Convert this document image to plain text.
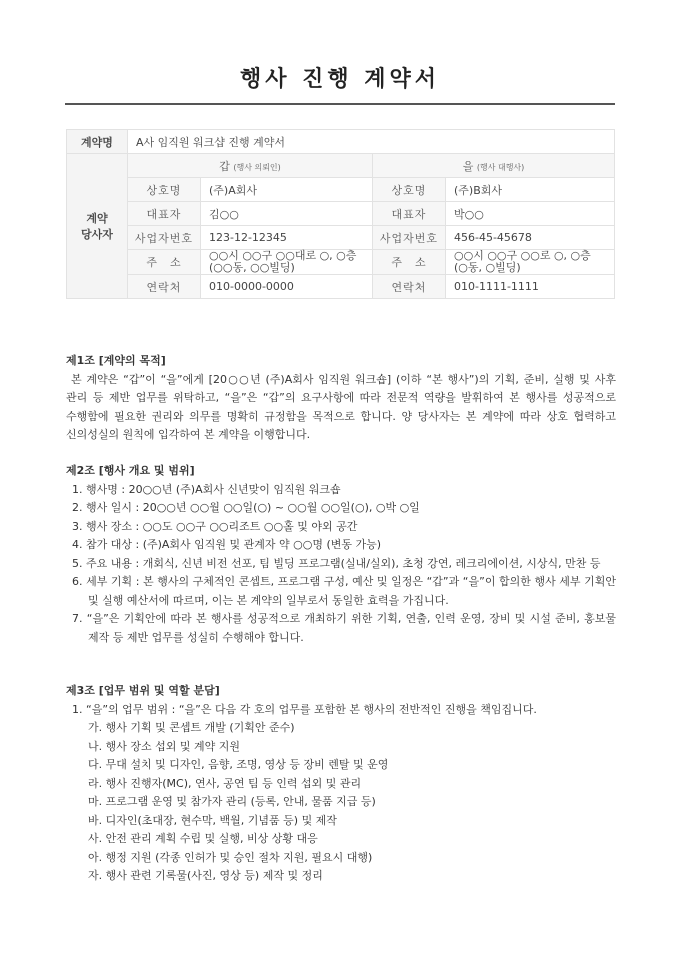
행사 진행 계약서
계약명	A사 임직원 워크샵 진행 계약서			

계약
당사자	갑 (행사 의뢰인)		을 (행사 대행사)	
	상호명	(주)A회사	상호명	(주)B회사
	대표자	김○○	대표자	박○○
	사업자번호	123-12-12345	사업자번호	456-45-45678
	주　소	○○시 ○○구 ○○대로 ○, ○층 (○○동, ○○빌딩)	주　소	○○시 ○○구 ○○로 ○, ○층 (○동, ○빌딩)
	연락처	010-0000-0000	연락처	010-1111-1111
제1조 [계약의 목적]
본 계약은 “갑”이 “을”에게 [20○○년 (주)A회사 임직원 워크숍] (이하 “본 행사”)의 기획, 준비, 실행 및 사후 관리 등 제반 업무를 위탁하고, “을”은 “갑”의 요구사항에 따라 전문적 역량을 발휘하여 본 행사를 성공적으로 수행함에 필요한 권리와 의무를 명확히 규정함을 목적으로 합니다. 양 당사자는 본 계약에 따라 상호 협력하고 신의성실의 원칙에 입각하여 본 계약을 이행합니다.
제2조 [행사 개요 및 범위]
1. 행사명 : 20○○년 (주)A회사 신년맞이 임직원 워크숍
2. 행사 일시 : 20○○년 ○○월 ○○일(○) ~ ○○월 ○○일(○), ○박 ○일
3. 행사 장소 : ○○도 ○○구 ○○리조트 ○○홀 및 야외 공간
4. 참가 대상 : (주)A회사 임직원 및 관계자 약 ○○명 (변동 가능)
5. 주요 내용 : 개회식, 신년 비전 선포, 팀 빌딩 프로그램(실내/실외), 초청 강연, 레크리에이션, 시상식, 만찬 등
6. 세부 기획 : 본 행사의 구체적인 콘셉트, 프로그램 구성, 예산 및 일정은 “갑”과 “을”이 합의한 행사 세부 기획안 및 실행 예산서에 따르며, 이는 본 계약의 일부로서 동일한 효력을 가집니다.
7. “을”은 기획안에 따라 본 행사를 성공적으로 개최하기 위한 기획, 연출, 인력 운영, 장비 및 시설 준비, 홍보물 제작 등 제반 업무를 성실히 수행해야 합니다.
제3조 [업무 범위 및 역할 분담]
1. “을”의 업무 범위 : “을”은 다음 각 호의 업무를 포함한 본 행사의 전반적인 진행을 책임집니다.
가. 행사 기획 및 콘셉트 개발 (기획안 준수)
나. 행사 장소 섭외 및 계약 지원
다. 무대 설치 및 디자인, 음향, 조명, 영상 등 장비 렌탈 및 운영
라. 행사 진행자(MC), 연사, 공연 팀 등 인력 섭외 및 관리
마. 프로그램 운영 및 참가자 관리 (등록, 안내, 물품 지급 등)
바. 디자인(초대장, 현수막, 백월, 기념품 등) 및 제작
사. 안전 관리 계획 수립 및 실행, 비상 상황 대응
아. 행정 지원 (각종 인허가 및 승인 절차 지원, 필요시 대행)
자. 행사 관련 기록물(사진, 영상 등) 제작 및 정리
